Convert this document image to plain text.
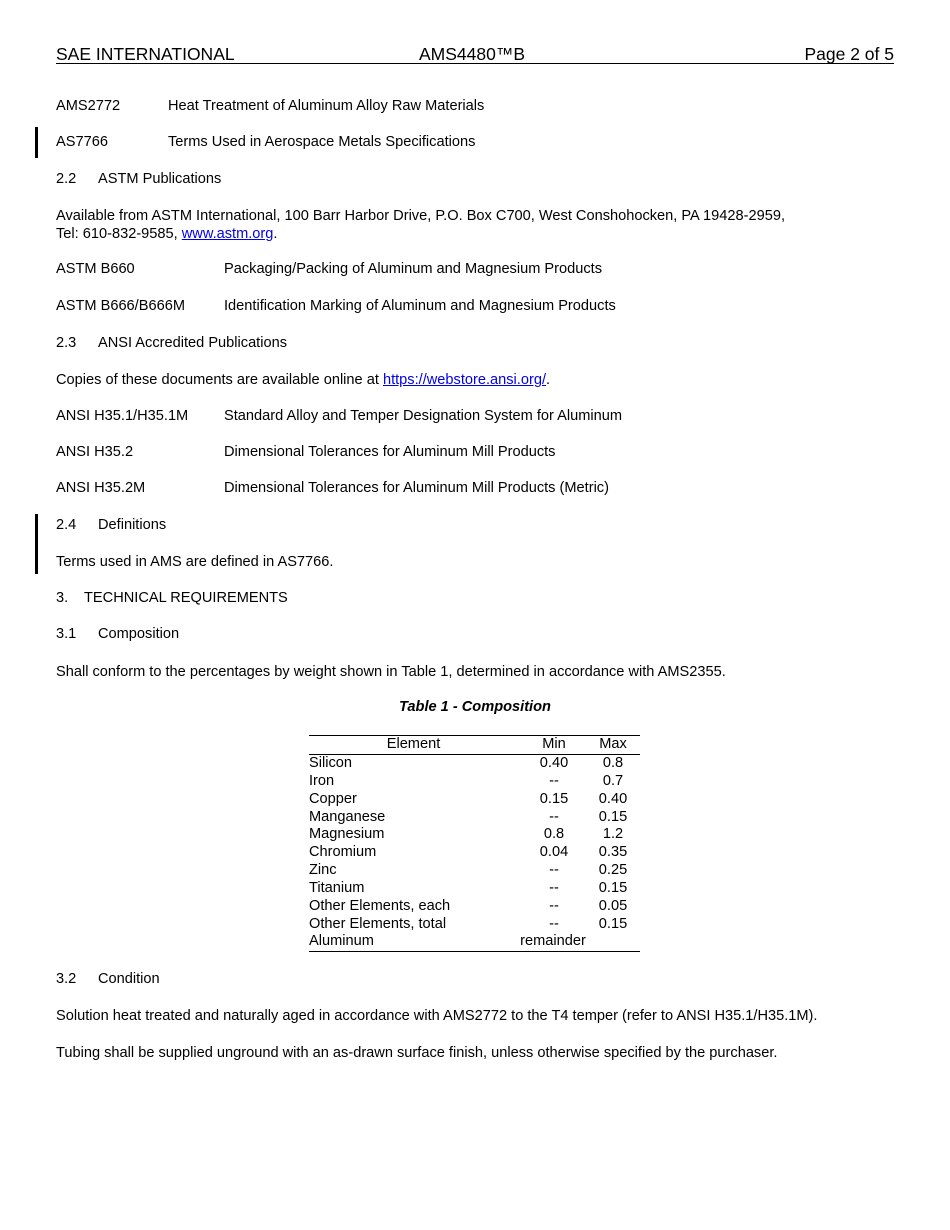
SAE INTERNATIONAL	AMS4480™B	Page 2 of 5
AMS2772	Heat Treatment of Aluminum Alloy Raw Materials
AS7766	Terms Used in Aerospace Metals Specifications
2.2 ASTM Publications
Available from ASTM International, 100 Barr Harbor Drive, P.O. Box C700, West Conshohocken, PA 19428-2959,
Tel: 610-832-9585, www.astm.org.
ASTM B660	Packaging/Packing of Aluminum and Magnesium Products
ASTM B666/B666M	Identification Marking of Aluminum and Magnesium Products
2.3 ANSI Accredited Publications
Copies of these documents are available online at https://webstore.ansi.org/.
ANSI H35.1/H35.1M Standard Alloy and Temper Designation System for Aluminum
ANSI H35.2	Dimensional Tolerances for Aluminum Mill Products
ANSI H35.2M	Dimensional Tolerances for Aluminum Mill Products (Metric)
2.4 Definitions
Terms used in AMS are defined in AS7766.
3. TECHNICAL REQUIREMENTS
3.1 Composition
Shall conform to the percentages by weight shown in Table 1, determined in accordance with AMS2355.
Table 1 - Composition
Element	Min	Max
Silicon	0.40	0.8
Iron	--	0.7
Copper	0.15	0.40
Manganese	--	0.15
Magnesium	0.8	1.2
Chromium	0.04	0.35
Zinc	--	0.25
Titanium	--	0.15
Other Elements, each	--	0.05
Other Elements, total	--	0.15
Aluminum	remainder
3.2 Condition
Solution heat treated and naturally aged in accordance with AMS2772 to the T4 temper (refer to ANSI H35.1/H35.1M).
Tubing shall be supplied unground with an as-drawn surface finish, unless otherwise specified by the purchaser.
